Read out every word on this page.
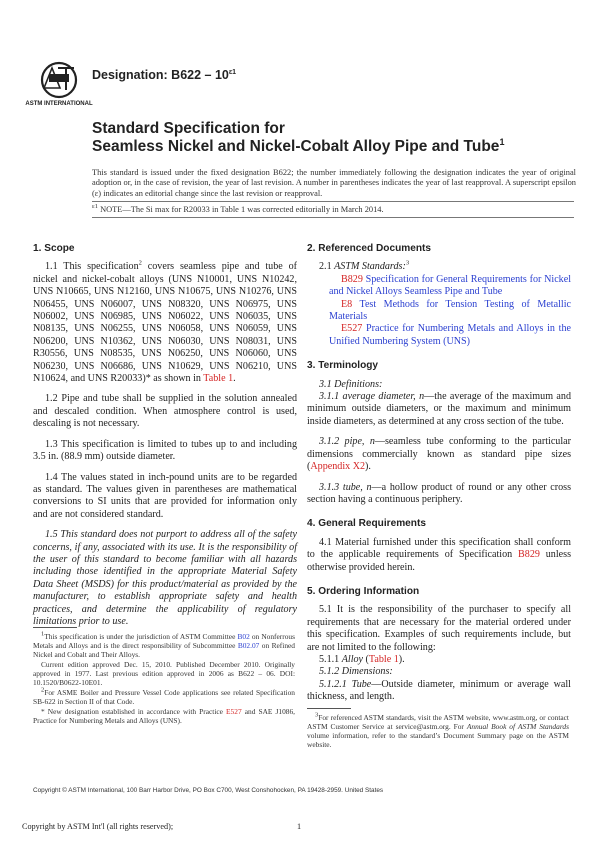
ASTM INTERNATIONAL
Designation: $B622 - 10^{\varepsilon 1}$
Standard Specification for
Seamless Nickel and Nickel-Cobalt Alloy Pipe and Tube$^1$
This standard is issued under the fixed designation B622; the number immediately following the designation indicates the year of original adoption or, in the case of revision, the year of last revision. A number in parentheses indicates the year of last reapproval. A superscript epsilon (ε) indicates an editorial change since the last revision or reapproval.
$^{\varepsilon 1}$ NOTE—The Si max for R20033 in Table 1 was corrected editorially in March 2014.
1. Scope

1.1 This specification$^2$ covers seamless pipe and tube of nickel and nickel-cobalt alloys (UNS N10001, UNS N10242, UNS N10665, UNS N12160, UNS N10675, UNS N10276, UNS N06455, UNS N06007, UNS N08320, UNS N06975, UNS N06002, UNS N06985, UNS N06022, UNS N06035, UNS N08135, UNS N06255, UNS N06058, UNS N06059, UNS N06200, UNS N10362, UNS N06030, UNS N08031, UNS R30556, UNS N08535, UNS N06250, UNS N06060, UNS N06230, UNS N06686, UNS N10629, UNS N06210, UNS N10624, and UNS R20033)* as shown in Table 1.

1.2 Pipe and tube shall be supplied in the solution annealed and descaled condition. When atmosphere control is used, descaling is not necessary.

1.3 This specification is limited to tubes up to and including 3.5 in. (88.9 mm) outside diameter.

1.4 The values stated in inch-pound units are to be regarded as standard. The values given in parentheses are mathematical conversions to SI units that are provided for information only and are not considered standard.

1.5 This standard does not purport to address all of the safety concerns, if any, associated with its use. It is the responsibility of the user of this standard to become familiar with all hazards including those identified in the appropriate Material Safety Data Sheet (MSDS) for this product/material as provided by the manufacturer, to establish appropriate safety and health practices, and determine the applicability of regulatory limitations prior to use.

$^1$This specification is under the jurisdiction of ASTM Committee B02 on Nonferrous Metals and Alloys and is the direct responsibility of Subcommittee B02.07 on Refined Nickel and Cobalt and Their Alloys.

Current edition approved Dec. 15, 2010. Published December 2010. Originally approved in 1977. Last previous edition approved in 2006 as B622 – 06. DOI: 10.1520/B0622-10E01.

$^2$For ASME Boiler and Pressure Vessel Code applications see related Specification SB-622 in Section II of that Code.

* New designation established in accordance with Practice E527 and SAE J1086, Practice for Numbering Metals and Alloys (UNS).

2. Referenced Documents

2.1 ASTM Standards:$^3$

B829 Specification for General Requirements for Nickel and Nickel Alloys Seamless Pipe and Tube

E8 Test Methods for Tension Testing of Metallic Materials

E527 Practice for Numbering Metals and Alloys in the Unified Numbering System (UNS)

3. Terminology

3.1 Definitions:

3.1.1 average diameter, n—the average of the maximum and minimum outside diameters, or the maximum and minimum inside diameters, as determined at any cross section of the tube.

3.1.2 pipe, n—seamless tube conforming to the particular dimensions commercially known as standard pipe sizes (Appendix X2).

3.1.3 tube, n—a hollow product of round or any other cross section having a continuous periphery.

4. General Requirements

4.1 Material furnished under this specification shall conform to the applicable requirements of Specification B829 unless otherwise provided herein.

5. Ordering Information

5.1 It is the responsibility of the purchaser to specify all requirements that are necessary for the material ordered under this specification. Examples of such requirements include, but are not limited to the following:

5.1.1 Alloy (Table 1).

5.1.2 Dimensions:

5.1.2.1 Tube—Outside diameter, minimum or average wall thickness, and length.

$^3$For referenced ASTM standards, visit the ASTM website, www.astm.org, or contact ASTM Customer Service at service@astm.org. For Annual Book of ASTM Standards volume information, refer to the standard’s Document Summary page on the ASTM website.

Copyright © ASTM International, 100 Barr Harbor Drive, PO Box C700, West Conshohocken, PA 19428-2959. United States
Copyright by ASTM Int'l (all rights reserved);	1
